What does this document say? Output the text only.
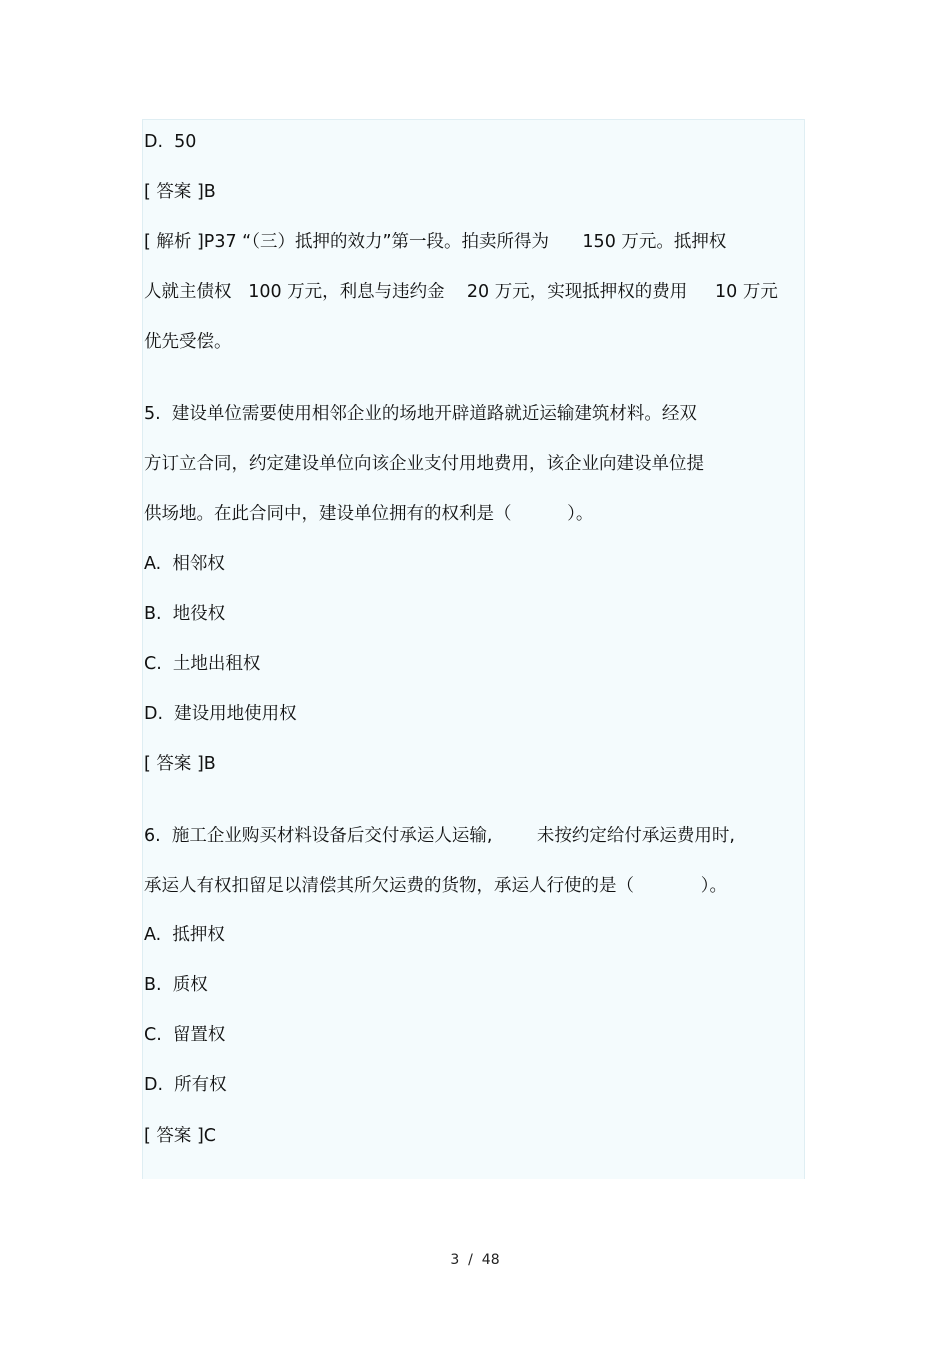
D.  50

[ 答案 ]B

[ 解析 ]P37 “（三）抵押的效力”第一段。拍卖所得为      150 万元。抵押权

人就主债权   100 万元，利息与违约金    20 万元，实现抵押权的费用     10 万元

优先受偿。

5.  建设单位需要使用相邻企业的场地开辟道路就近运输建筑材料。经双

方订立合同，约定建设单位向该企业支付用地费用，该企业向建设单位提

供场地。在此合同中，建设单位拥有的权利是（          ）。

A.  相邻权

B.  地役权

C.  土地出租权

D.  建设用地使用权

[ 答案 ]B

6.  施工企业购买材料设备后交付承运人运输,        未按约定给付承运费用时,

承运人有权扣留足以清偿其所欠运费的货物，承运人行使的是（            ）。

A.  抵押权

B.  质权

C.  留置权

D.  所有权

[ 答案 ]C

3  /  48
